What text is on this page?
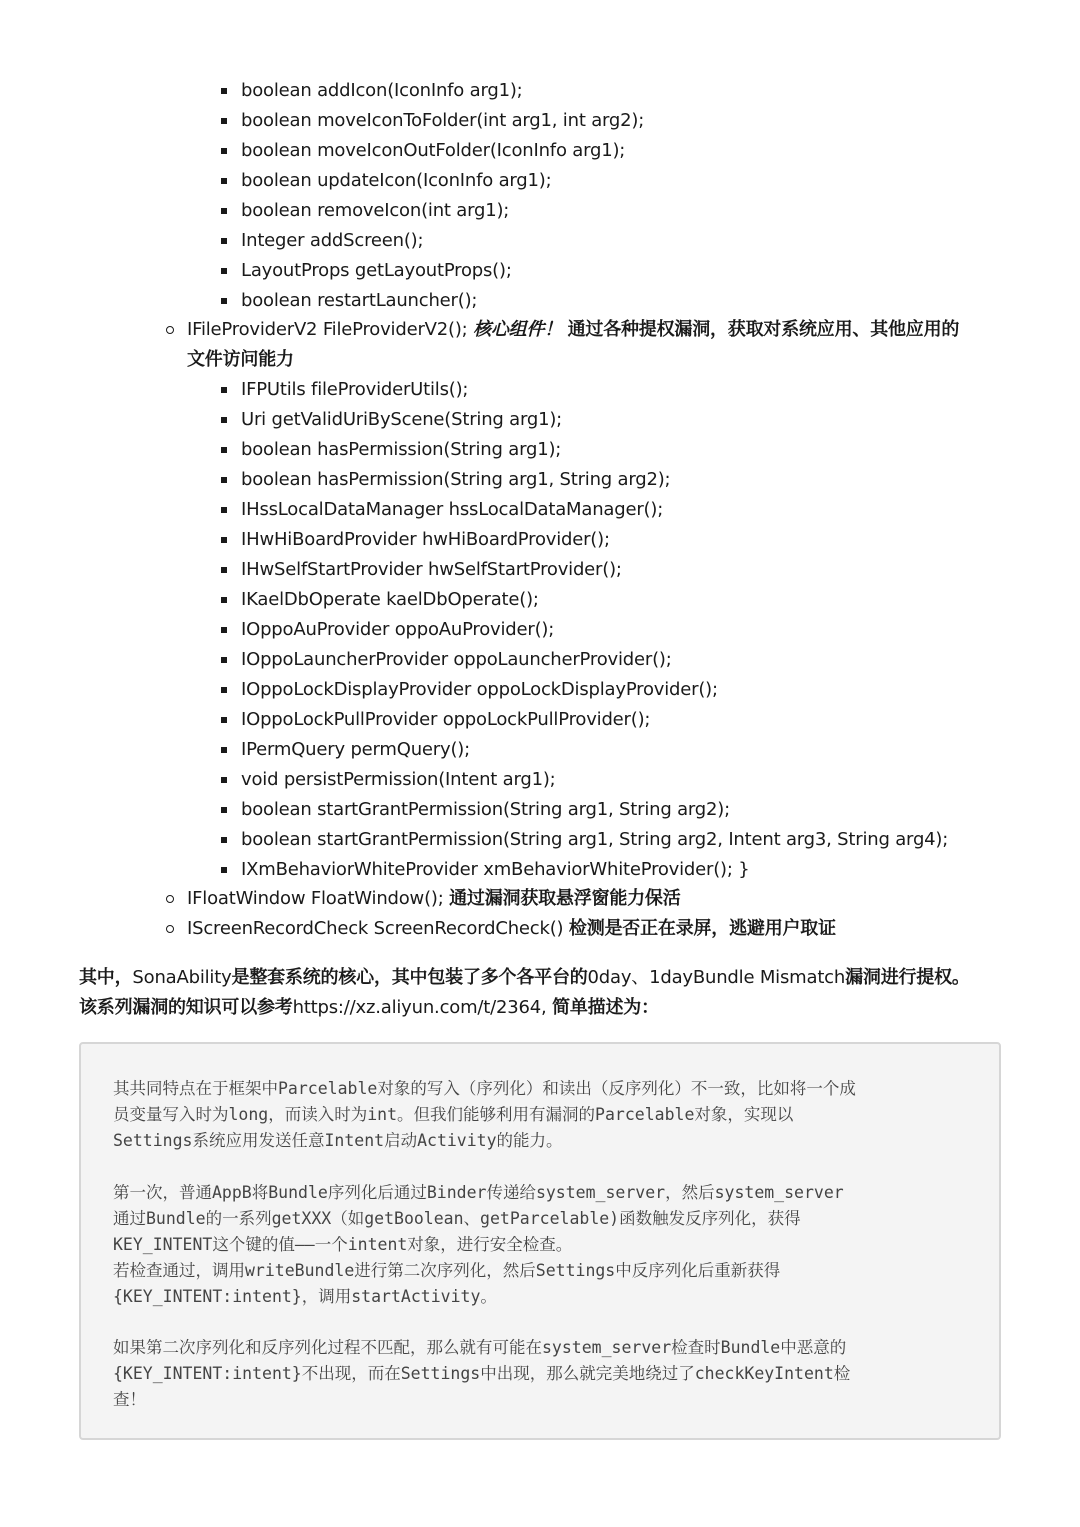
boolean addIcon(IconInfo arg1);
boolean moveIconToFolder(int arg1, int arg2);
boolean moveIconOutFolder(IconInfo arg1);
boolean updateIcon(IconInfo arg1);
boolean removeIcon(int arg1);
Integer addScreen();
LayoutProps getLayoutProps();
boolean restartLauncher();
IFileProviderV2 FileProviderV2(); 核心组件！ 通过各种提权漏洞，获取对系统应用、其他应用的
文件访问能力
IFPUtils fileProviderUtils();
Uri getValidUriByScene(String arg1);
boolean hasPermission(String arg1);
boolean hasPermission(String arg1, String arg2);
IHssLocalDataManager hssLocalDataManager();
IHwHiBoardProvider hwHiBoardProvider();
IHwSelfStartProvider hwSelfStartProvider();
IKaelDbOperate kaelDbOperate();
IOppoAuProvider oppoAuProvider();
IOppoLauncherProvider oppoLauncherProvider();
IOppoLockDisplayProvider oppoLockDisplayProvider();
IOppoLockPullProvider oppoLockPullProvider();
IPermQuery permQuery();
void persistPermission(Intent arg1);
boolean startGrantPermission(String arg1, String arg2);
boolean startGrantPermission(String arg1, String arg2, Intent arg3, String arg4);
IXmBehaviorWhiteProvider xmBehaviorWhiteProvider(); }
IFloatWindow FloatWindow(); 通过漏洞获取悬浮窗能力保活
IScreenRecordCheck ScreenRecordCheck() 检测是否正在录屏，逃避用户取证
其中，SonaAbility是整套系统的核心，其中包装了多个各平台的0day、1dayBundle Mismatch漏洞进行提权。
该系列漏洞的知识可以参考https://xz.aliyun.com/t/2364, 简单描述为：
其共同特点在于框架中Parcelable对象的写入（序列化）和读出（反序列化）不一致，比如将一个成
员变量写入时为long，而读入时为int。但我们能够利用有漏洞的Parcelable对象，实现以
Settings系统应用发送任意Intent启动Activity的能力。
第一次，普通AppB将Bundle序列化后通过Binder传递给system_server，然后system_server
通过Bundle的一系列getXXX（如getBoolean、getParcelable)函数触发反序列化，获得
KEY_INTENT这个键的值——一个intent对象，进行安全检查。
若检查通过，调用writeBundle进行第二次序列化，然后Settings中反序列化后重新获得
{KEY_INTENT:intent}，调用startActivity。
如果第二次序列化和反序列化过程不匹配，那么就有可能在system_server检查时Bundle中恶意的
{KEY_INTENT:intent}不出现，而在Settings中出现，那么就完美地绕过了checkKeyIntent检
查！
